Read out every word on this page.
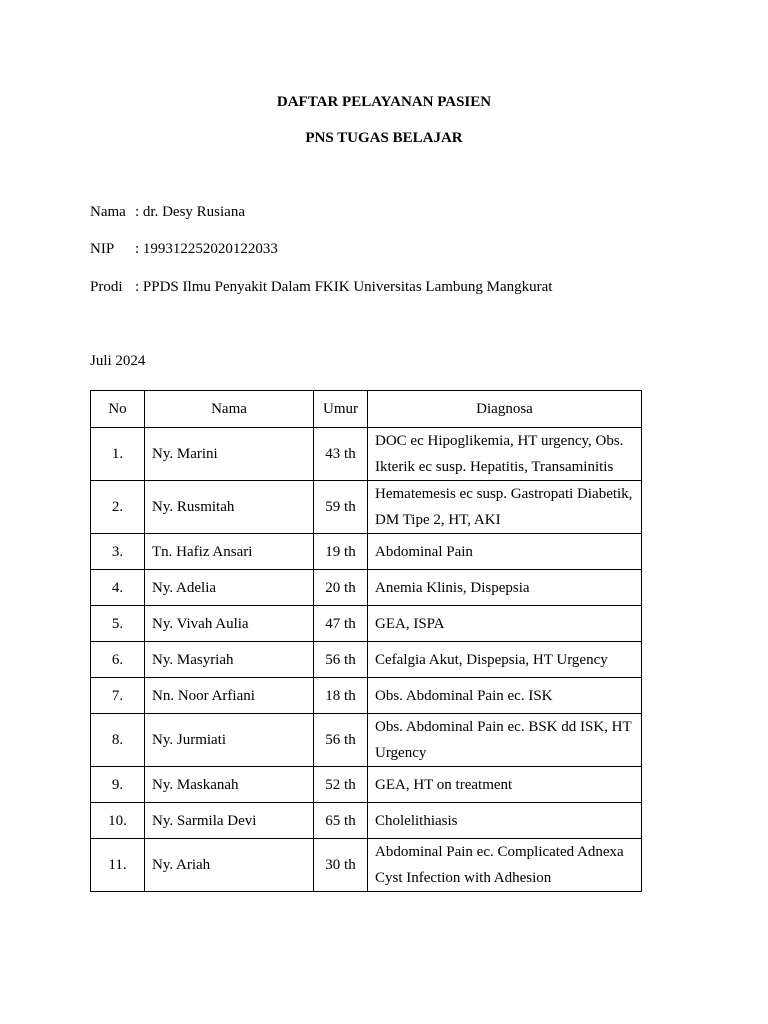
DAFTAR PELAYANAN PASIEN
PNS TUGAS BELAJAR
Nama : dr. Desy Rusiana
NIP : 199312252020122033
Prodi : PPDS Ilmu Penyakit Dalam FKIK Universitas Lambung Mangkurat
Juli 2024
No	Nama	Umur	Diagnosa
1.	Ny. Marini	43 th	DOC ec Hipoglikemia, HT urgency, Obs. Ikterik ec susp. Hepatitis, Transaminitis
2.	Ny. Rusmitah	59 th	Hematemesis ec susp. Gastropati Diabetik, DM Tipe 2, HT, AKI
3.	Tn. Hafiz Ansari	19 th	Abdominal Pain
4.	Ny. Adelia	20 th	Anemia Klinis, Dispepsia
5.	Ny. Vivah Aulia	47 th	GEA, ISPA
6.	Ny. Masyriah	56 th	Cefalgia Akut, Dispepsia, HT Urgency
7.	Nn. Noor Arfiani	18 th	Obs. Abdominal Pain ec. ISK
8.	Ny. Jurmiati	56 th	Obs. Abdominal Pain ec. BSK dd ISK, HT Urgency
9.	Ny. Maskanah	52 th	GEA, HT on treatment
10.	Ny. Sarmila Devi	65 th	Cholelithiasis
11.	Ny. Ariah	30 th	Abdominal Pain ec. Complicated Adnexa Cyst Infection with Adhesion
